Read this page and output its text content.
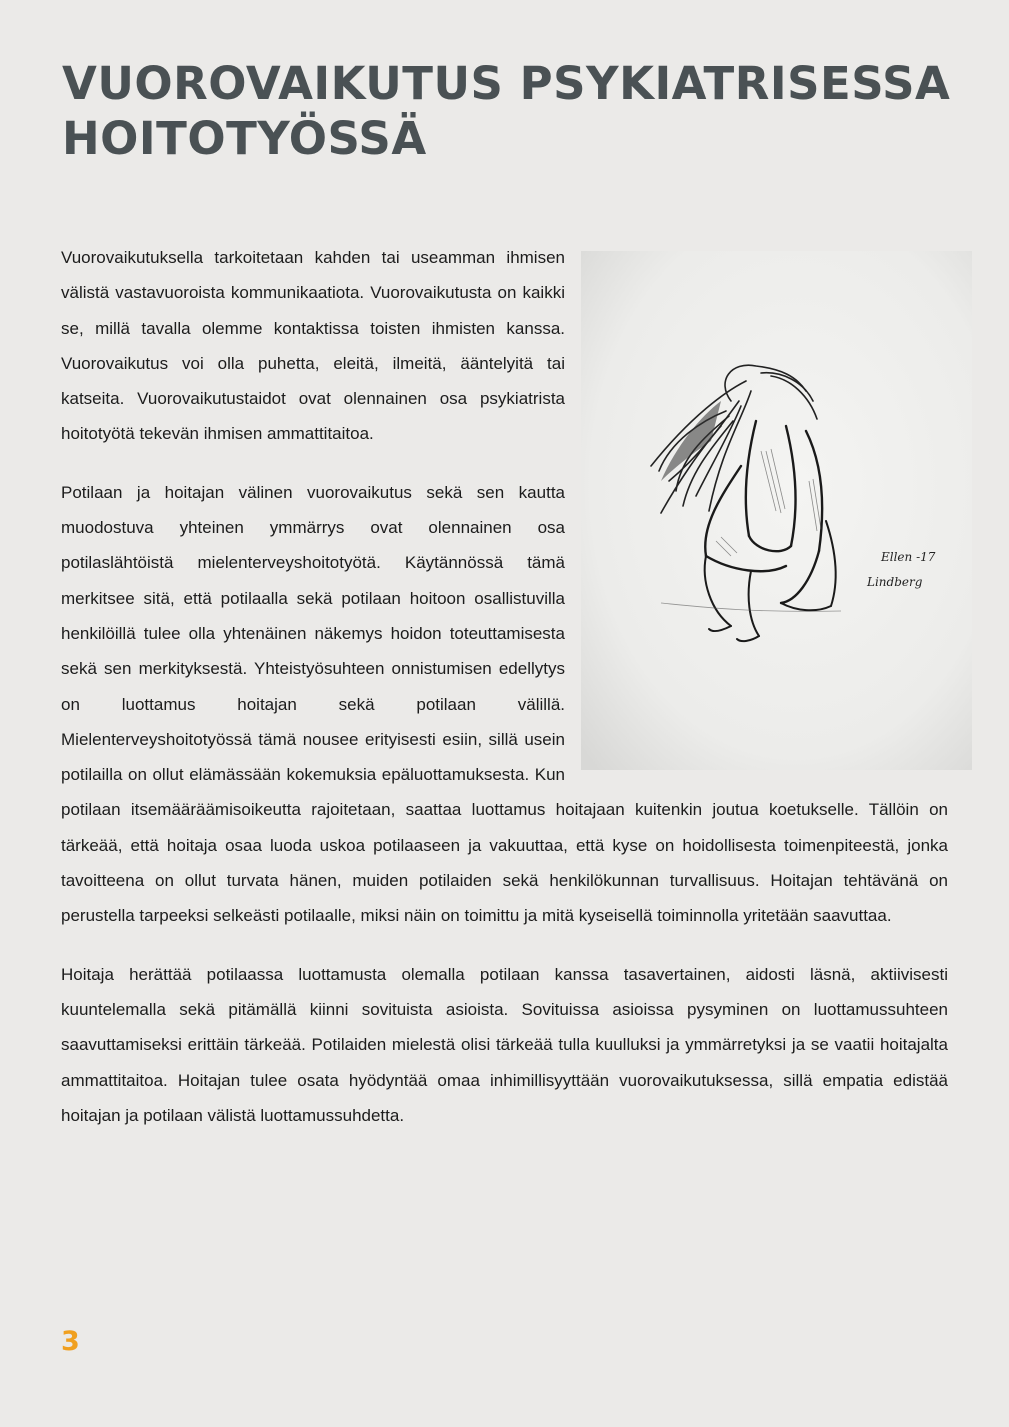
VUOROVAIKUTUS PSYKIATRISESSA
HOITOTYÖSSÄ
Ellen -17
Lindberg

Vuorovaikutuksella tarkoitetaan kahden tai useamman ihmisen välistä vastavuoroista kommunikaatiota. Vuorovaikutusta on kaikki se, millä tavalla olemme kontaktissa toisten ihmisten kanssa. Vuorovaikutus voi olla puhetta, eleitä, ilmeitä, ääntelyitä tai katseita. Vuorovaikutustaidot ovat olennainen osa psykiatrista hoitotyötä tekevän ihmisen ammattitaitoa.

Potilaan ja hoitajan välinen vuorovaikutus sekä sen kautta muodostuva yhteinen ymmärrys ovat olennainen osa potilaslähtöistä mielenterveyshoitotyötä. Käytännössä tämä merkitsee sitä, että potilaalla sekä potilaan hoitoon osallistuvilla henkilöillä tulee olla yhtenäinen näkemys hoidon toteuttamisesta sekä sen merkityksestä. Yhteistyösuhteen onnistumisen edellytys on luottamus hoitajan sekä potilaan välillä. Mielenterveyshoitotyössä tämä nousee erityisesti esiin, sillä usein potilailla on ollut elämässään kokemuksia epäluottamuksesta. Kun potilaan itsemääräämisoikeutta rajoitetaan, saattaa luottamus hoitajaan kuitenkin joutua koetukselle. Tällöin on tärkeää, että hoitaja osaa luoda uskoa potilaaseen ja vakuuttaa, että kyse on hoidollisesta toimenpiteestä, jonka tavoitteena on ollut turvata hänen, muiden potilaiden sekä henkilökunnan turvallisuus. Hoitajan tehtävänä on perustella tarpeeksi selkeästi potilaalle, miksi näin on toimittu ja mitä kyseisellä toiminnolla yritetään saavuttaa.

Hoitaja herättää potilaassa luottamusta olemalla potilaan kanssa tasavertainen, aidosti läsnä, aktiivisesti kuuntelemalla sekä pitämällä kiinni sovituista asioista. Sovituissa asioissa pysyminen on luottamussuhteen saavuttamiseksi erittäin tärkeää. Potilaiden mielestä olisi tärkeää tulla kuulluksi ja ymmärretyksi ja se vaatii hoitajalta ammattitaitoa. Hoitajan tulee osata hyödyntää omaa inhimillisyyttään vuorovaikutuksessa, sillä empatia edistää hoitajan ja potilaan välistä luottamussuhdetta.

3
